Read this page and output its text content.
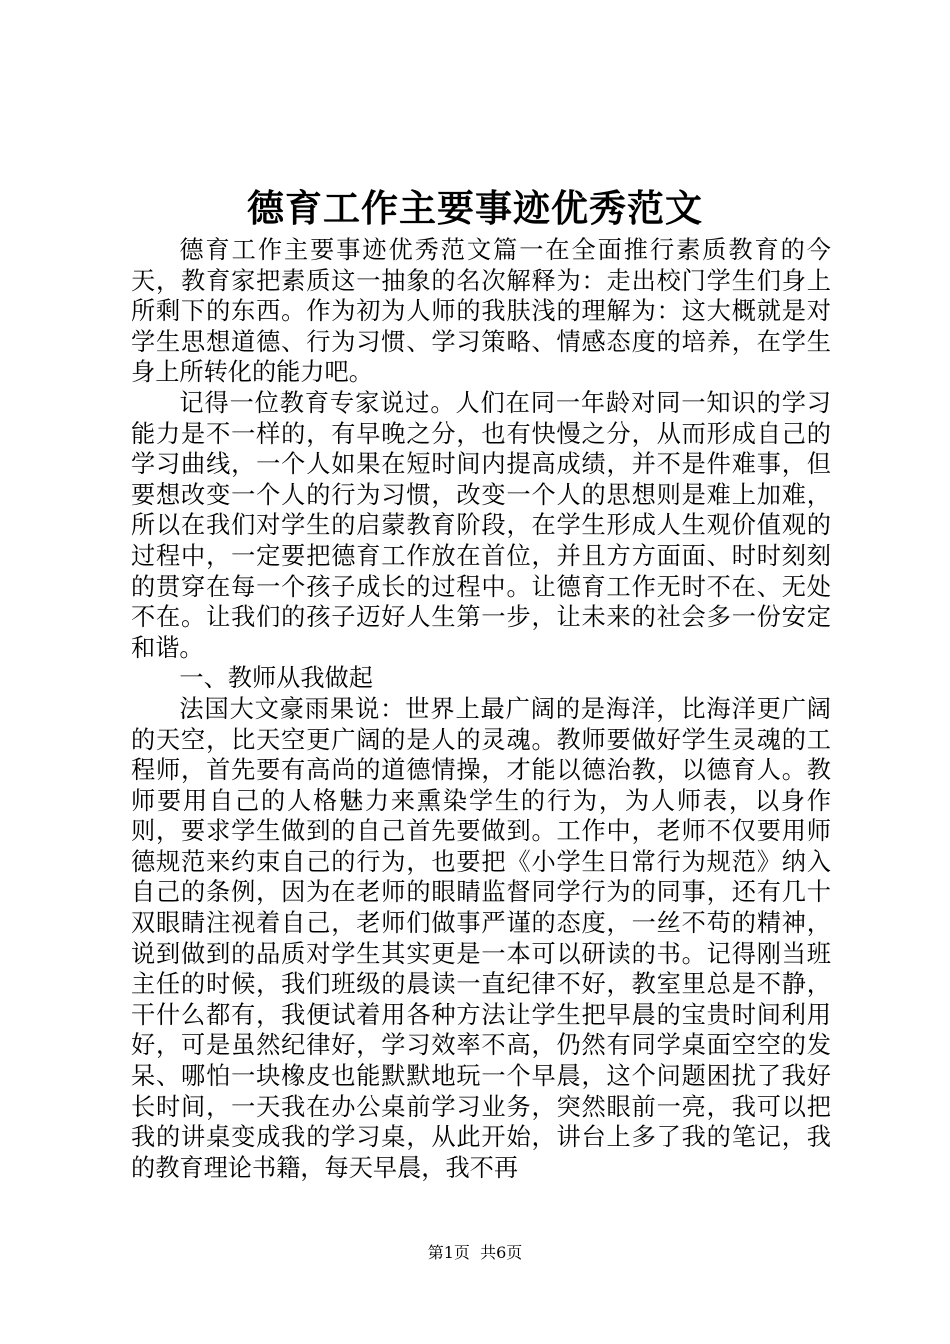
德育工作主要事迹优秀范文

德育工作主要事迹优秀范文篇一在全面推行素质教育的今天，教育家把素质这一抽象的名次解释为：走出校门学生们身上所剩下的东西。作为初为人师的我肤浅的理解为：这大概就是对学生思想道德、行为习惯、学习策略、情感态度的培养，在学生身上所转化的能力吧。

记得一位教育专家说过。人们在同一年龄对同一知识的学习能力是不一样的，有早晚之分，也有快慢之分，从而形成自己的学习曲线，一个人如果在短时间内提高成绩，并不是件难事，但要想改变一个人的行为习惯，改变一个人的思想则是难上加难，所以在我们对学生的启蒙教育阶段，在学生形成人生观价值观的过程中，一定要把德育工作放在首位，并且方方面面、时时刻刻的贯穿在每一个孩子成长的过程中。让德育工作无时不在、无处不在。让我们的孩子迈好人生第一步，让未来的社会多一份安定和谐。

一、教师从我做起

法国大文豪雨果说：世界上最广阔的是海洋，比海洋更广阔的天空，比天空更广阔的是人的灵魂。教师要做好学生灵魂的工程师，首先要有高尚的道德情操，才能以德治教，以德育人。教师要用自己的人格魅力来熏染学生的行为，为人师表，以身作则，要求学生做到的自己首先要做到。工作中，老师不仅要用师德规范来约束自己的行为，也要把《小学生日常行为规范》纳入自己的条例，因为在老师的眼睛监督同学行为的同事，还有几十双眼睛注视着自己，老师们做事严谨的态度，一丝不苟的精神，说到做到的品质对学生其实更是一本可以研读的书。记得刚当班主任的时候，我们班级的晨读一直纪律不好，教室里总是不静，干什么都有，我便试着用各种方法让学生把早晨的宝贵时间利用好，可是虽然纪律好，学习效率不高，仍然有同学桌面空空的发呆、哪怕一块橡皮也能默默地玩一个早晨，这个问题困扰了我好长时间，一天我在办公桌前学习业务，突然眼前一亮，我可以把我的讲桌变成我的学习桌，从此开始，讲台上多了我的笔记，我的教育理论书籍，每天早晨，我不再

第1页 共6页
